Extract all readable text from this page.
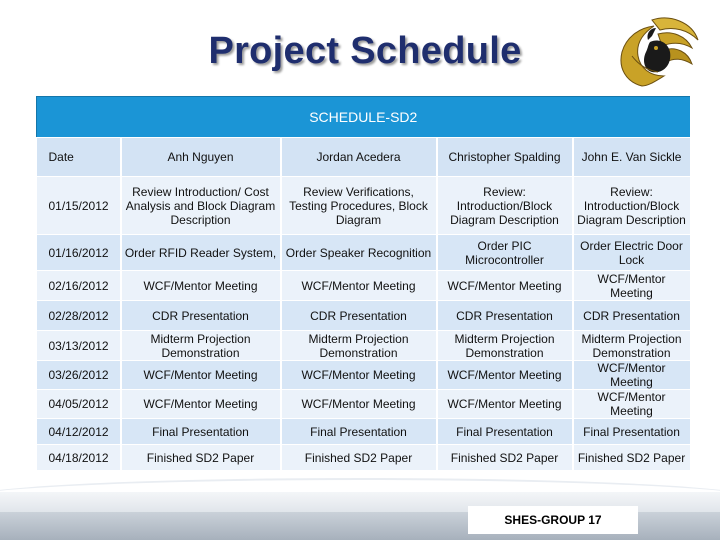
Project Schedule
SCHEDULE-SD2				
Date	Anh Nguyen	Jordan Acedera	Christopher Spalding	John E. Van Sickle
01/15/2012	Review Introduction/ Cost Analysis and Block Diagram Description	Review Verifications, Testing Procedures, Block Diagram	Review: Introduction/Block Diagram Description	Review: Introduction/Block Diagram Description
01/16/2012	Order RFID Reader System,	Order Speaker Recognition	Order PIC Microcontroller	Order Electric Door Lock
02/16/2012	WCF/Mentor Meeting	WCF/Mentor Meeting	WCF/Mentor Meeting	WCF/Mentor Meeting
02/28/2012	CDR Presentation	CDR Presentation	CDR Presentation	CDR Presentation
03/13/2012	Midterm Projection Demonstration	Midterm Projection Demonstration	Midterm Projection Demonstration	Midterm Projection Demonstration
03/26/2012	WCF/Mentor Meeting	WCF/Mentor Meeting	WCF/Mentor Meeting	WCF/Mentor Meeting
04/05/2012	WCF/Mentor Meeting	WCF/Mentor Meeting	WCF/Mentor Meeting	WCF/Mentor Meeting
04/12/2012	Final Presentation	Final Presentation	Final Presentation	Final Presentation
04/18/2012	Finished SD2 Paper	Finished SD2 Paper	Finished SD2 Paper	Finished SD2 Paper
SHES-GROUP 17
